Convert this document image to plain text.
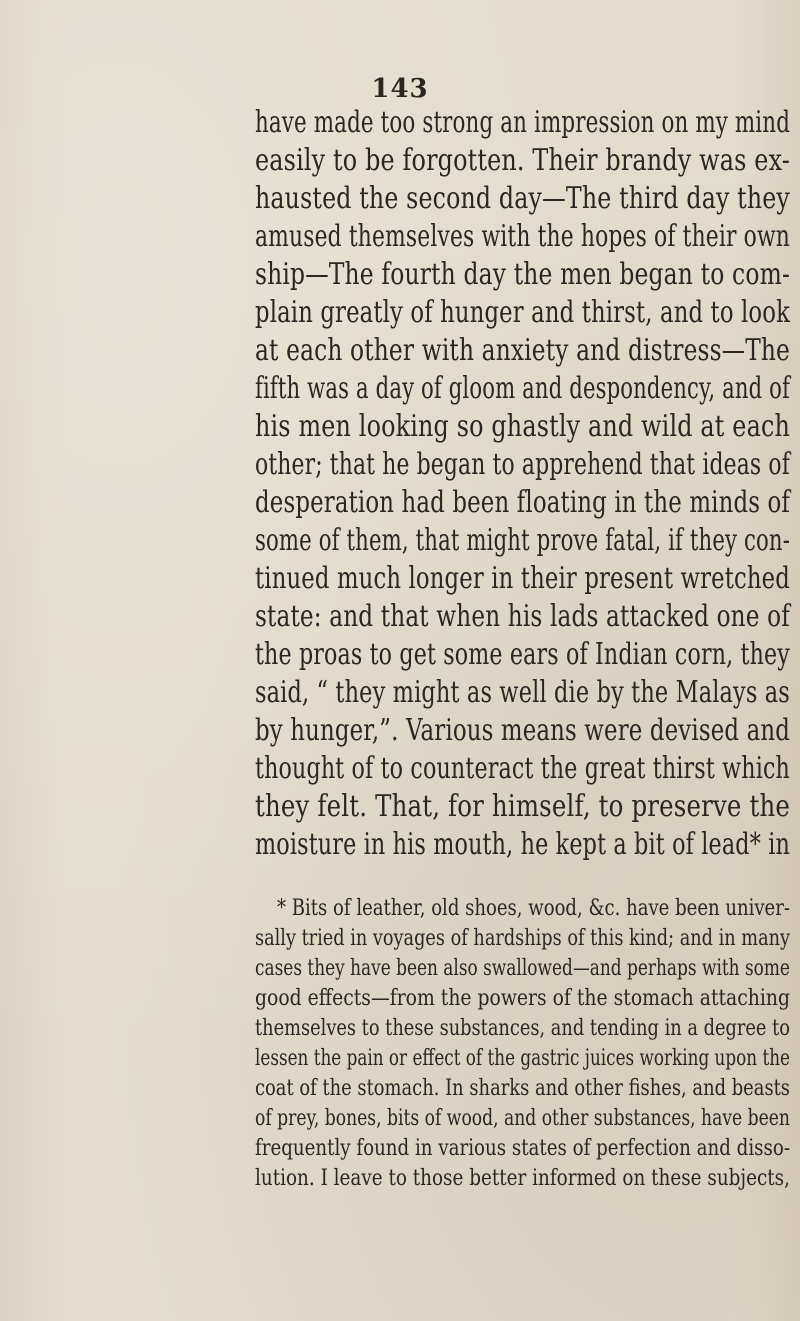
143
have made too strong an impression on my mind
easily to be forgotten. Their brandy was ex-
hausted the second day—The third day they
amused themselves with the hopes of their own
ship—The fourth day the men began to com-
plain greatly of hunger and thirst, and to look
at each other with anxiety and distress—The
fifth was a day of gloom and despondency, and of
his men looking so ghastly and wild at each
other; that he began to apprehend that ideas of
desperation had been floating in the minds of
some of them, that might prove fatal, if they con-
tinued much longer in their present wretched
state: and that when his lads attacked one of
the proas to get some ears of Indian corn, they
said, “ they might as well die by the Malays as
by hunger,”. Various means were devised and
thought of to counteract the great thirst which
they felt. That, for himself, to preserve the
moisture in his mouth, he kept a bit of lead* in
* Bits of leather, old shoes, wood, &c. have been univer-
sally tried in voyages of hardships of this kind; and in many
cases they have been also swallowed—and perhaps with some
good effects—from the powers of the stomach attaching
themselves to these substances, and tending in a degree to
lessen the pain or effect of the gastric juices working upon the
coat of the stomach. In sharks and other fishes, and beasts
of prey, bones, bits of wood, and other substances, have been
frequently found in various states of perfection and disso-
lution. I leave to those better informed on these subjects,
